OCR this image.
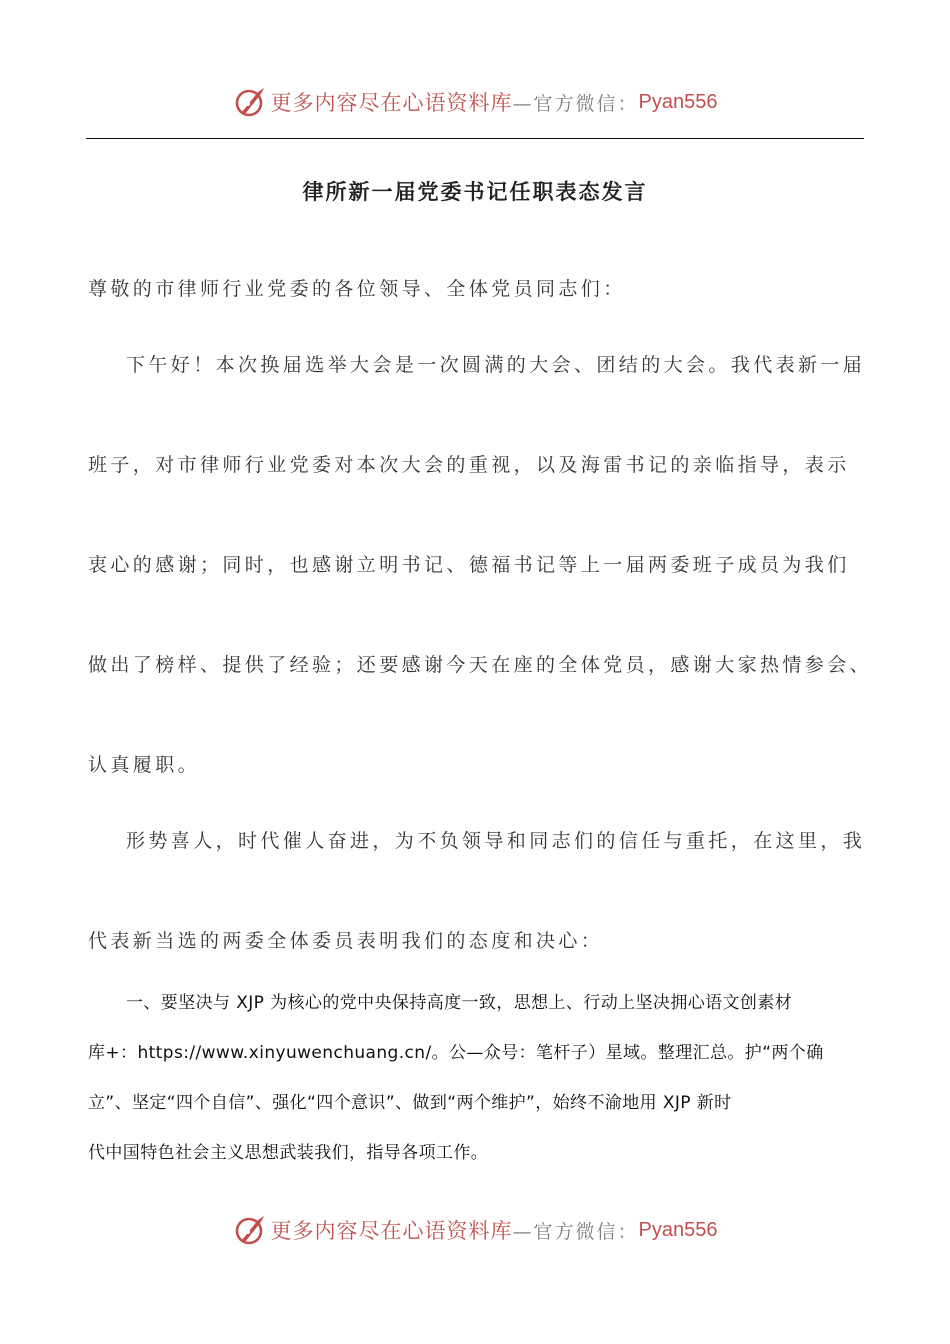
更多内容尽在心语资料库 —官方微信： Pyan556
律所新一届党委书记任职表态发言

尊敬的市律师行业党委的各位领导、全体党员同志们：

下午好！本次换届选举大会是一次圆满的大会、团结的大会。我代表新一届

班子，对市律师行业党委对本次大会的重视，以及海雷书记的亲临指导，表示

衷心的感谢；同时，也感谢立明书记、德福书记等上一届两委班子成员为我们

做出了榜样、提供了经验；还要感谢今天在座的全体党员，感谢大家热情参会、

认真履职。

形势喜人，时代催人奋进，为不负领导和同志们的信任与重托，在这里，我

代表新当选的两委全体委员表明我们的态度和决心：

一、要坚决与 XJP 为核心的党中央保持高度一致，思想上、行动上坚决拥心语文创素材

库+：https://www.xinyuwenchuang.cn/。公—众号：笔杆子）星域。整理汇总。护“两个确

立”、坚定“四个自信”、强化“四个意识”、做到“两个维护”，始终不渝地用 XJP 新时

代中国特色社会主义思想武装我们，指导各项工作。

更多内容尽在心语资料库 —官方微信： Pyan556
